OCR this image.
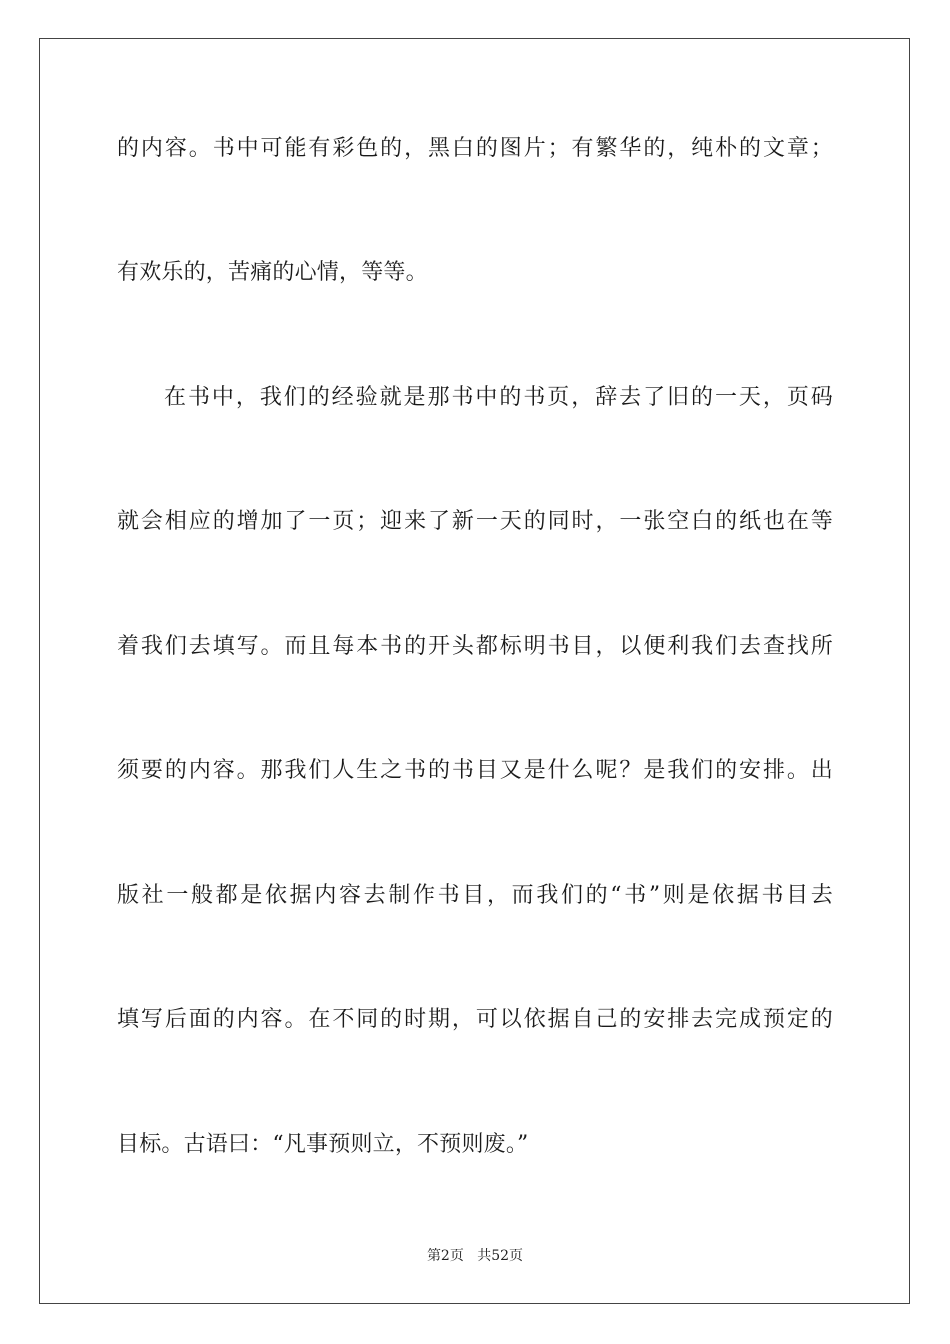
的内容。书中可能有彩色的，黑白的图片；有繁华的，纯朴的文章；
有欢乐的，苦痛的心情，等等。
在书中，我们的经验就是那书中的书页，辞去了旧的一天，页码
就会相应的增加了一页；迎来了新一天的同时，一张空白的纸也在等
着我们去填写。而且每本书的开头都标明书目，以便利我们去查找所
须要的内容。那我们人生之书的书目又是什么呢？是我们的安排。出
版社一般都是依据内容去制作书目，而我们的“书”则是依据书目去
填写后面的内容。在不同的时期，可以依据自己的安排去完成预定的
目标。古语曰：“凡事预则立，不预则废。”
第2页 共52页
